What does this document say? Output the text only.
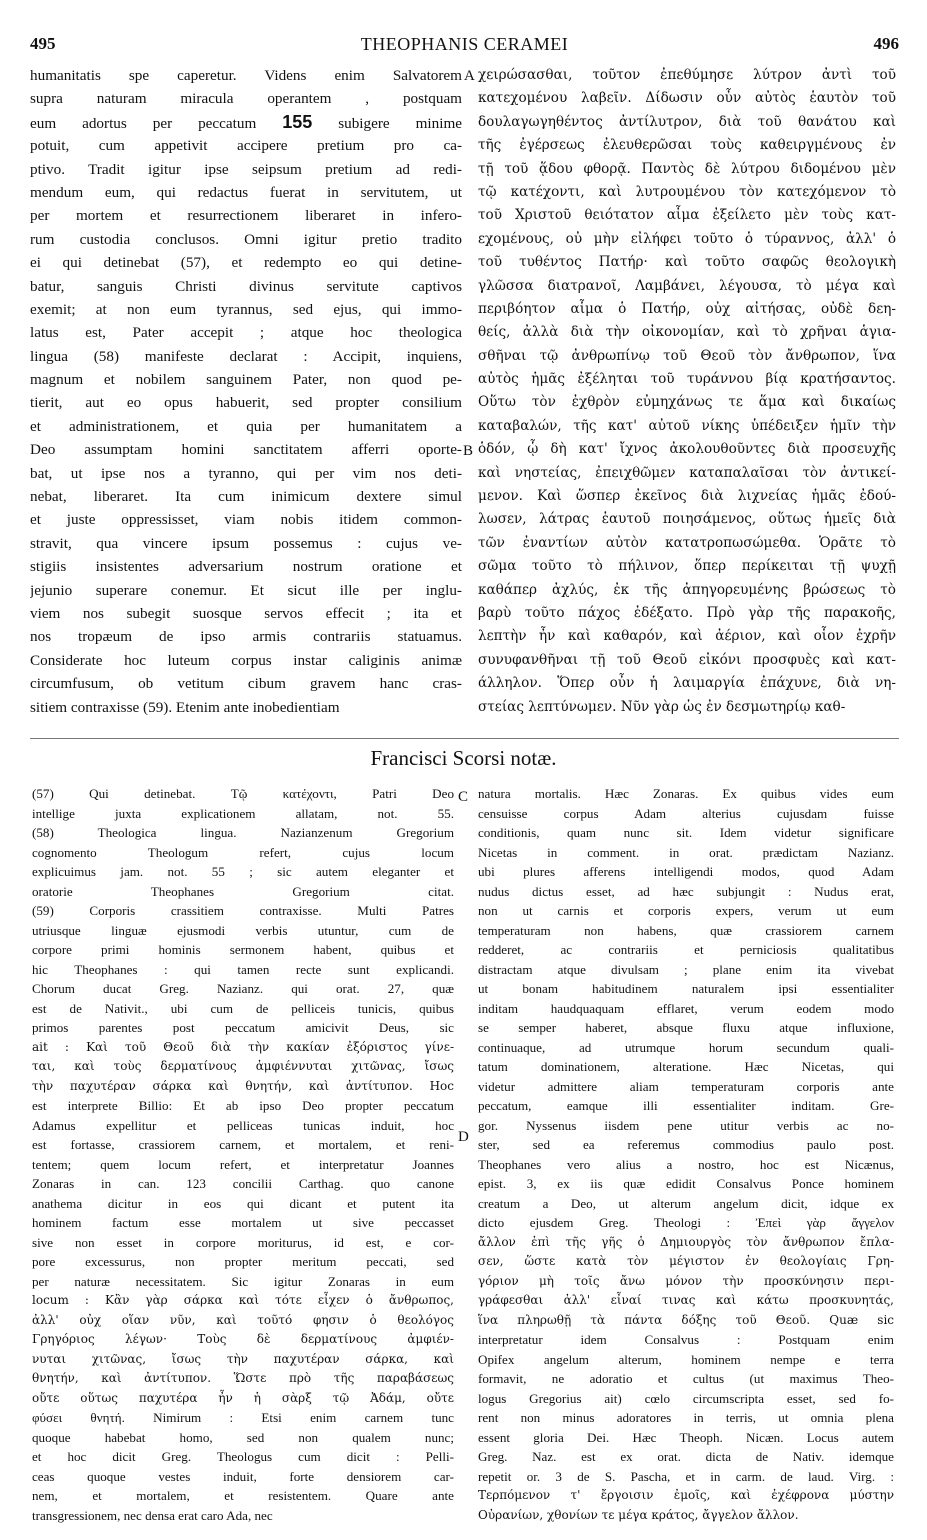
495	THEOPHANIS CERAMEI	496
humanitatis spe caperetur. Videns enim Salvatorem
supra naturam miracula operantem , postquam
eum adortus per peccatum 155 subigere minime
potuit, cum appetivit accipere pretium pro ca-
ptivo. Tradit igitur ipse seipsum pretium ad redi-
mendum eum, qui redactus fuerat in servitutem, ut
per mortem et resurrectionem liberaret in infero-
rum custodia conclusos. Omni igitur pretio tradito
ei qui detinebat (57), et redempto eo qui detine-
batur, sanguis Christi divinus servitute captivos
exemit; at non eum tyrannus, sed ejus, qui immo-
latus est, Pater accepit ; atque hoc theologica
lingua (58) manifeste declarat : Accipit, inquiens,
magnum et nobilem sanguinem Pater, non quod pe-
tierit, aut eo opus habuerit, sed propter consilium
et administrationem, et quia per humanitatem a
Deo assumptam homini sanctitatem afferri oporte-
bat, ut ipse nos a tyranno, qui per vim nos deti-
nebat, liberaret. Ita cum inimicum dextere simul
et juste oppressisset, viam nobis itidem common-
stravit, qua vincere ipsum possemus : cujus ve-
stigiis insistentes adversarium nostrum oratione et
jejunio superare conemur. Et sicut ille per inglu-
viem nos subegit suosque servos effecit ; ita et
nos tropæum de ipso armis contrariis statuamus.
Considerate hoc luteum corpus instar caliginis animæ
circumfusum, ob vetitum cibum gravem hanc cras-
sitiem contraxisse (59). Etenim ante inobedientiam
χειρώσασθαι, τοῦτον ἐπεθύμησε λύτρον ἀντὶ τοῦ
κατεχομένου λαβεῖν. Δίδωσιν οὖν αὐτὸς ἑαυτὸν τοῦ
δουλαγωγηθέντος ἀντίλυτρον, διὰ τοῦ θανάτου καὶ
τῆς ἐγέρσεως ἐλευθερῶσαι τοὺς καθειργμένους ἐν
τῇ τοῦ ᾅδου φθορᾷ. Παντὸς δὲ λύτρου διδομένου μὲν
τῷ κατέχοντι, καὶ λυτρουμένου τὸν κατεχόμενον τὸ
τοῦ Χριστοῦ θειότατον αἷμα ἐξείλετο μὲν τοὺς κατ-
εχομένους, οὐ μὴν εἰλήφει τοῦτο ὁ τύραννος, ἀλλ' ὁ
τοῦ τυθέντος Πατήρ· καὶ τοῦτο σαφῶς θεολογικὴ
γλῶσσα διατρανοῖ, Λαμβάνει, λέγουσα, τὸ μέγα καὶ
περιβόητον αἷμα ὁ Πατήρ, οὐχ αἰτήσας, οὐδὲ δεη-
θείς, ἀλλὰ διὰ τὴν οἰκονομίαν, καὶ τὸ χρῆναι ἁγια-
σθῆναι τῷ ἀνθρωπίνῳ τοῦ Θεοῦ τὸν ἄνθρωπον, ἵνα
αὐτὸς ἡμᾶς ἐξέληται τοῦ τυράννου βίᾳ κρατήσαντος.
Οὕτω τὸν ἐχθρὸν εὐμηχάνως τε ἅμα καὶ δικαίως
καταβαλών, τῆς κατ' αὐτοῦ νίκης ὑπέδειξεν ἡμῖν τὴν
ὁδόν, ᾧ δὴ κατ' ἴχνος ἀκολουθοῦντες διὰ προσευχῆς
καὶ νηστείας, ἐπειχθῶμεν καταπαλαῖσαι τὸν ἀντικεί-
μενον. Καὶ ὥσπερ ἐκεῖνος διὰ λιχνείας ἡμᾶς ἐδού-
λωσεν, λάτρας ἑαυτοῦ ποιησάμενος, οὕτως ἡμεῖς διὰ
τῶν ἐναντίων αὐτὸν κατατροπωσώμεθα. Ὁρᾶτε τὸ
σῶμα τοῦτο τὸ πήλινον, ὅπερ περίκειται τῇ ψυχῇ
καθάπερ ἀχλύς, ἐκ τῆς ἀπηγορευμένης βρώσεως τὸ
βαρὺ τοῦτο πάχος ἐδέξατο. Πρὸ γὰρ τῆς παρακοῆς,
λεπτὴν ἦν καὶ καθαρόν, καὶ ἀέριον, καὶ οἷον ἐχρῆν
συνυφανθῆναι τῇ τοῦ Θεοῦ εἰκόνι προσφυὲς καὶ κατ-
άλληλον. Ὅπερ οὖν ἡ λαιμαργία ἐπάχυνε, διὰ νη-
στείας λεπτύνωμεν. Νῦν γὰρ ὡς ἐν δεσμωτηρίῳ καθ-
A
B
C
D
Francisci Scorsi notæ.
(57) Qui detinebat. Τῷ κατέχοντι, Patri Deo
intellige juxta explicationem allatam, not. 55.
(58) Theologica lingua. Nazianzenum Gregorium
cognomento Theologum refert, cujus locum
explicuimus jam. not. 55 ; sic autem eleganter et
oratorie Theophanes Gregorium citat.
(59) Corporis crassitiem contraxisse. Multi Patres
utriusque linguæ ejusmodi verbis utuntur, cum de
corpore primi hominis sermonem habent, quibus et
hic Theophanes : qui tamen recte sunt explicandi.
Chorum ducat Greg. Nazianz. qui orat. 27, quæ
est de Nativit., ubi cum de pelliceis tunicis, quibus
primos parentes post peccatum amicivit Deus, sic
ait : Καὶ τοῦ Θεοῦ διὰ τὴν κακίαν ἐξόριστος γίνε-
ται, καὶ τοὺς δερματίνους ἀμφιέννυται χιτῶνας, ἴσως
τὴν παχυτέραν σάρκα καὶ θνητήν, καὶ ἀντίτυπον. Hoc
est interprete Billio: Et ab ipso Deo propter peccatum
Adamus expellitur et pelliceas tunicas induit, hoc
est fortasse, crassiorem carnem, et mortalem, et reni-
tentem; quem locum refert, et interpretatur Joannes
Zonaras in can. 123 concilii Carthag. quo canone
anathema dicitur in eos qui dicant et putent ita
hominem factum esse mortalem ut sive peccasset
sive non esset in corpore moriturus, id est, e cor-
pore excessurus, non propter meritum peccati, sed
per naturæ necessitatem. Sic igitur Zonaras in eum
locum : Κἂν γὰρ σάρκα καὶ τότε εἶχεν ὁ ἄνθρωπος,
ἀλλ' οὐχ οἵαν νῦν, καὶ τοῦτό φησιν ὁ θεολόγος
Γρηγόριος λέγων· Τοὺς δὲ δερματίνους ἀμφιέν-
νυται χιτῶνας, ἴσως τὴν παχυτέραν σάρκα, καὶ
θνητήν, καὶ ἀντίτυπον. Ὥστε πρὸ τῆς παραβάσεως
οὔτε οὕτως παχυτέρα ἦν ἡ σὰρξ τῷ Ἀδάμ, οὔτε
φύσει θνητή. Nimirum : Etsi enim carnem tunc
quoque habebat homo, sed non qualem nunc;
et hoc dicit Greg. Theologus cum dicit : Pelli-
ceas quoque vestes induit, forte densiorem car-
nem, et mortalem, et resistentem. Quare ante
transgressionem, nec densa erat caro Ada, nec
natura mortalis. Hæc Zonaras. Ex quibus vides eum
censuisse corpus Adam alterius cujusdam fuisse
conditionis, quam nunc sit. Idem videtur significare
Nicetas in comment. in orat. prædictam Nazianz.
ubi plures afferens intelligendi modos, quod Adam
nudus dictus esset, ad hæc subjungit : Nudus erat,
non ut carnis et corporis expers, verum ut eum
temperaturam non habens, quæ crassiorem carnem
redderet, ac contrariis et perniciosis qualitatibus
distractam atque divulsam ; plane enim ita vivebat
ut bonam habitudinem naturalem ipsi essentialiter
inditam haudquaquam efflaret, verum eodem modo
se semper haberet, absque fluxu atque influxione,
continuaque, ad utrumque horum secundum quali-
tatum dominationem, alteratione. Hæc Nicetas, qui
videtur admittere aliam temperaturam corporis ante
peccatum, eamque illi essentialiter inditam. Gre-
gor. Nyssenus iisdem pene utitur verbis ac no-
ster, sed ea referemus commodius paulo post.
Theophanes vero alius a nostro, hoc est Nicænus,
epist. 3, ex iis quæ edidit Consalvus Ponce hominem
creatum a Deo, ut alterum angelum dicit, idque ex
dicto ejusdem Greg. Theologi : Ἐπεὶ γὰρ ἄγγελον
ἄλλον ἐπὶ τῆς γῆς ὁ Δημιουργὸς τὸν ἄνθρωπον ἔπλα-
σεν, ὥστε κατὰ τὸν μέγιστον ἐν θεολογίαις Γρη-
γόριον μὴ τοῖς ἄνω μόνον τὴν προσκύνησιν περι-
γράφεσθαι ἀλλ' εἶναί τινας καὶ κάτω προσκυνητάς,
ἵνα πληρωθῇ τὰ πάντα δόξης τοῦ Θεοῦ. Quæ sic
interpretatur idem Consalvus : Postquam enim
Opifex angelum alterum, hominem nempe e terra
formavit, ne adoratio et cultus (ut maximus Theo-
logus Gregorius ait) cœlo circumscripta esset, sed fo-
rent non minus adoratores in terris, ut omnia plena
essent gloria Dei. Hæc Theoph. Nicæn. Locus autem
Greg. Naz. est ex orat. dicta de Nativ. idemque
repetit or. 3 de S. Pascha, et in carm. de laud. Virg. :
Τερπόμενον τ' ἔργοισιν ἐμοῖς, καὶ ἐχέφρονα μύστην
Οὐρανίων, χθονίων τε μέγα κράτος, ἄγγελον ἄλλον.
